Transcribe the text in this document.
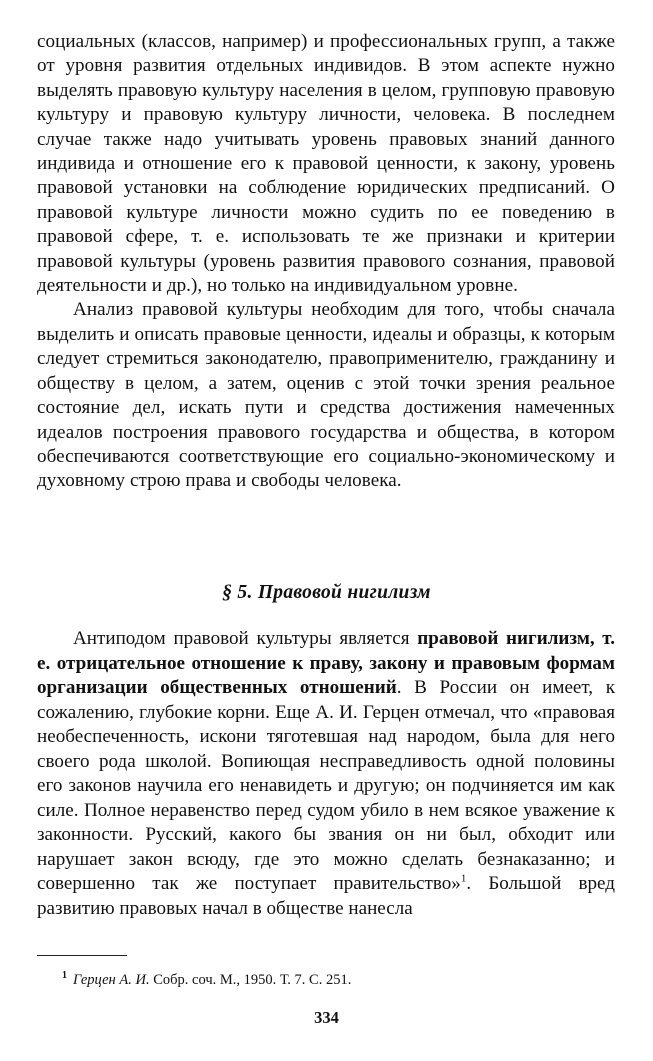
социальных (классов, например) и профессиональных групп, а также от уровня развития отдельных индивидов. В этом аспекте нужно выделять правовую культуру населения в целом, групповую правовую культуру и правовую культуру личности, человека. В последнем случае также надо учитывать уровень правовых знаний данного индивида и отношение его к правовой ценности, к закону, уровень правовой установки на соблюдение юридических предписаний. О правовой культуре личности можно судить по ее поведению в правовой сфере, т. е. использовать те же признаки и критерии правовой культуры (уровень развития правового сознания, правовой деятельности и др.), но только на индивидуальном уровне.

Анализ правовой культуры необходим для того, чтобы сначала выделить и описать правовые ценности, идеалы и образцы, к которым следует стремиться законодателю, правоприменителю, гражданину и обществу в целом, а затем, оценив с этой точки зрения реальное состояние дел, искать пути и средства достижения намеченных идеалов построения правового государства и общества, в котором обеспечиваются соответствующие его социально-экономическому и духовному строю права и свободы человека.

§ 5. Правовой нигилизм

Антиподом правовой культуры является правовой нигилизм, т. е. отрицательное отношение к праву, закону и правовым формам организации общественных отношений. В России он имеет, к сожалению, глубокие корни. Еще А. И. Герцен отмечал, что «правовая необеспеченность, искони тяготевшая над народом, была для него своего рода школой. Вопиющая несправедливость одной половины его законов научила его ненавидеть и другую; он подчиняется им как силе. Полное неравенство перед судом убило в нем всякое уважение к законности. Русский, какого бы звания он ни был, обходит или нарушает закон всюду, где это можно сделать безнаказанно; и совершенно так же поступает правительство»$^1$. Большой вред развитию правовых начал в обществе нанесла

$^1$ Герцен А. И. Собр. соч. М., 1950. Т. 7. С. 251.
334
